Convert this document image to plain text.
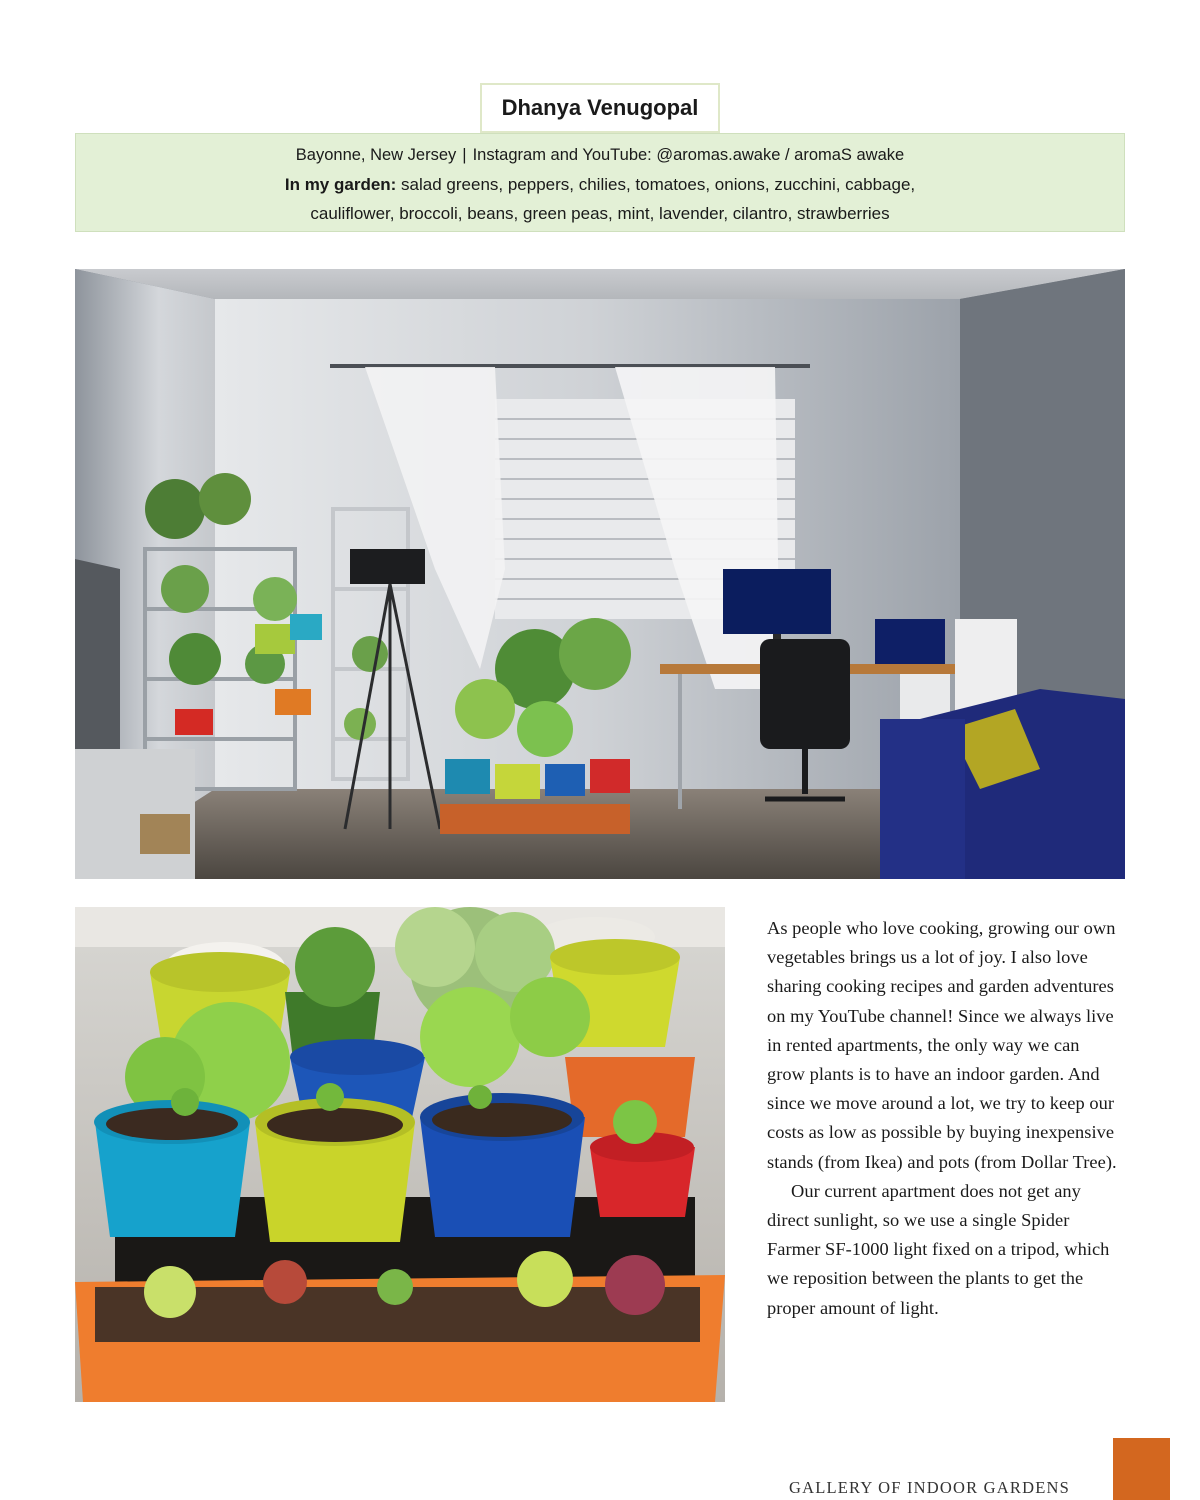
Dhanya Venugopal
Bayonne, New Jersey | Instagram and YouTube: @aromas.awake / aromaS awake
In my garden: salad greens, peppers, chilies, tomatoes, onions, zucchini, cabbage,
cauliflower, broccoli, beans, green peas, mint, lavender, cilantro, strawberries

As people who love cooking, growing our own vegetables brings us a lot of joy. I also love sharing cooking recipes and garden adventures on my YouTube channel! Since we always live in rented apartments, the only way we can grow plants is to have an indoor garden. And since we move around a lot, we try to keep our costs as low as possible by buying inexpensive stands (from Ikea) and pots (from Dollar Tree).

Our current apartment does not get any direct sunlight, so we use a single Spider Farmer SF-1000 light fixed on a tripod, which we reposition between the plants to get the proper amount of light.

GALLERY OF INDOOR GARDENS
